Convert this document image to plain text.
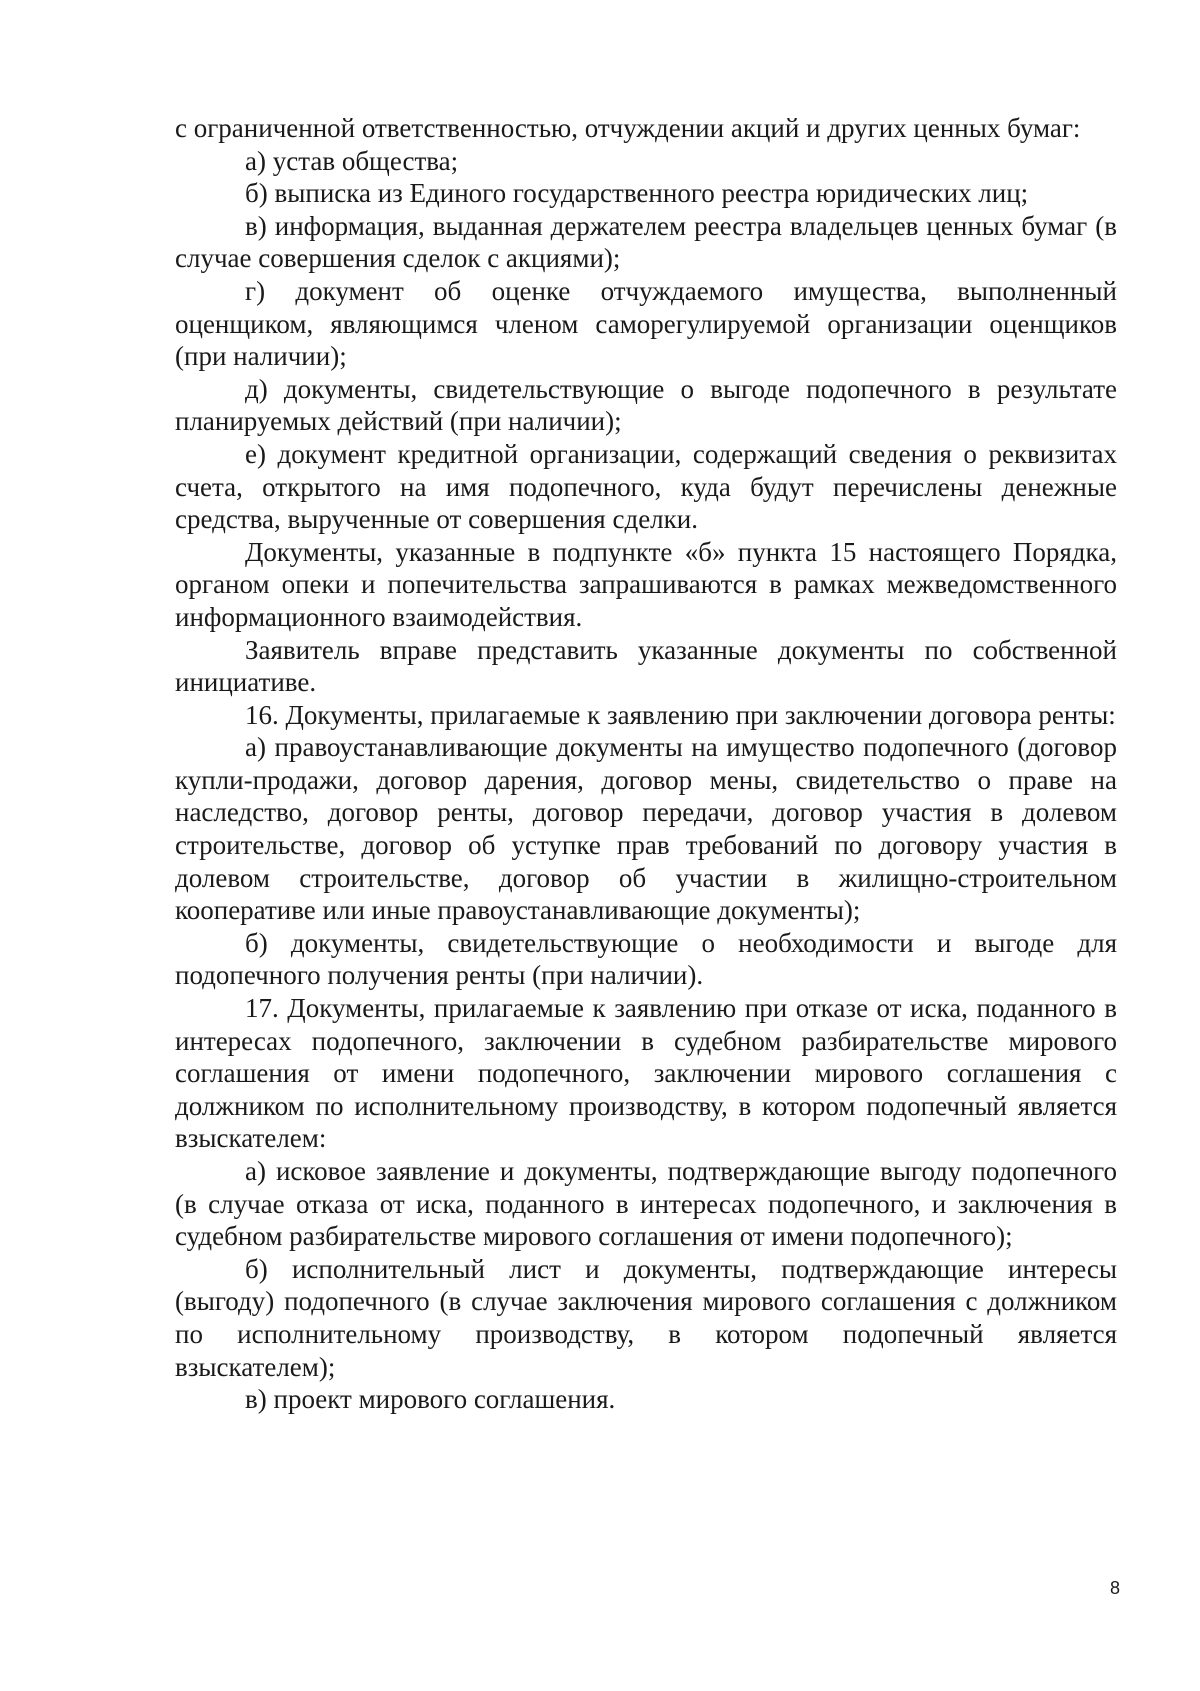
с ограниченной ответственностью, отчуждении акций и других ценных бумаг:

а) устав общества;

б) выписка из Единого государственного реестра юридических лиц;

в) информация, выданная держателем реестра владельцев ценных бумаг (в случае совершения сделок с акциями);

г) документ об оценке отчуждаемого имущества, выполненный оценщиком, являющимся членом саморегулируемой организации оценщиков (при наличии);

д) документы, свидетельствующие о выгоде подопечного в результате планируемых действий (при наличии);

е) документ кредитной организации, содержащий сведения о реквизитах счета, открытого на имя подопечного, куда будут перечислены денежные средства, вырученные от совершения сделки.

Документы, указанные в подпункте «б» пункта 15 настоящего Порядка, органом опеки и попечительства запрашиваются в рамках межведомственного информационного взаимодействия.

Заявитель вправе представить указанные документы по собственной инициативе.

16. Документы, прилагаемые к заявлению при заключении договора ренты:

а) правоустанавливающие документы на имущество подопечного (договор купли-продажи, договор дарения, договор мены, свидетельство о праве на наследство, договор ренты, договор передачи, договор участия в долевом строительстве, договор об уступке прав требований по договору участия в долевом строительстве, договор об участии в жилищно-строительном кооперативе или иные правоустанавливающие документы);

б) документы, свидетельствующие о необходимости и выгоде для подопечного получения ренты (при наличии).

17. Документы, прилагаемые к заявлению при отказе от иска, поданного в интересах подопечного, заключении в судебном разбирательстве мирового соглашения от имени подопечного, заключении мирового соглашения с должником по исполнительному производству, в котором подопечный является взыскателем:

а) исковое заявление и документы, подтверждающие выгоду подопечного (в случае отказа от иска, поданного в интересах подопечного, и заключения в судебном разбирательстве мирового соглашения от имени подопечного);

б) исполнительный лист и документы, подтверждающие интересы (выгоду) подопечного (в случае заключения мирового соглашения с должником по исполнительному производству, в котором подопечный является взыскателем);

в) проект мирового соглашения.

8
